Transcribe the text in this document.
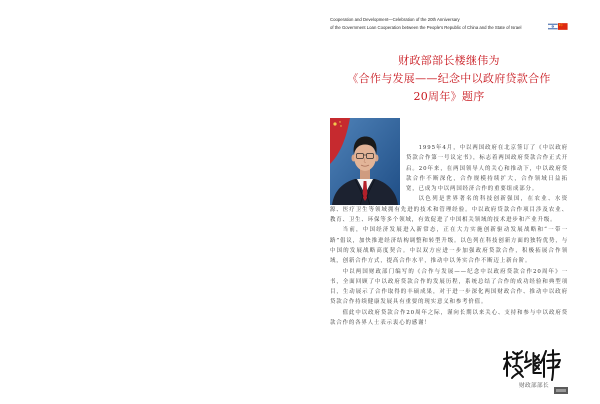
Cooperation and Development—Celebration of the 20th Anniversary
of the Government Loan Cooperation between the People's Republic of China and the State of Israel
财政部部长楼继伟为
《合作与发展——纪念中以政府贷款合作
20周年》题序

1995年4月，中以两国政府在北京签订了《中以政府贷款合作第一号议定书》，标志着两国政府贷款合作正式开启。20年来，在两国领导人的关心和推动下，中以政府贷款合作不断深化，合作规模持续扩大，合作领域日益拓宽，已成为中以两国经济合作的重要组成部分。

以色列是世界著名的科技创新强国，在农业、水资源、医疗卫生等领域拥有先进的技术和管理经验。中以政府贷款合作项目涉及农业、教育、卫生、环保等多个领域，有效促进了中国相关领域的技术进步和产业升级。

当前，中国经济发展进入新常态，正在大力实施创新驱动发展战略和“一带一路”倡议，加快推进经济结构调整和转型升级。以色列在科技创新方面的独特优势，与中国的发展战略高度契合。中以双方应进一步加强政府贷款合作，积极拓展合作领域，创新合作方式，提高合作水平，推动中以务实合作不断迈上新台阶。

中以两国财政部门编写的《合作与发展——纪念中以政府贷款合作20周年》一书，全面回顾了中以政府贷款合作的发展历程，系统总结了合作的成功经验和典型项目，生动展示了合作取得的丰硕成果，对于进一步深化两国财政合作、推动中以政府贷款合作持续健康发展具有重要的现实意义和参考价值。

值此中以政府贷款合作20周年之际，谨向长期以来关心、支持和参与中以政府贷款合作的各界人士表示衷心的感谢！

财政部部长
